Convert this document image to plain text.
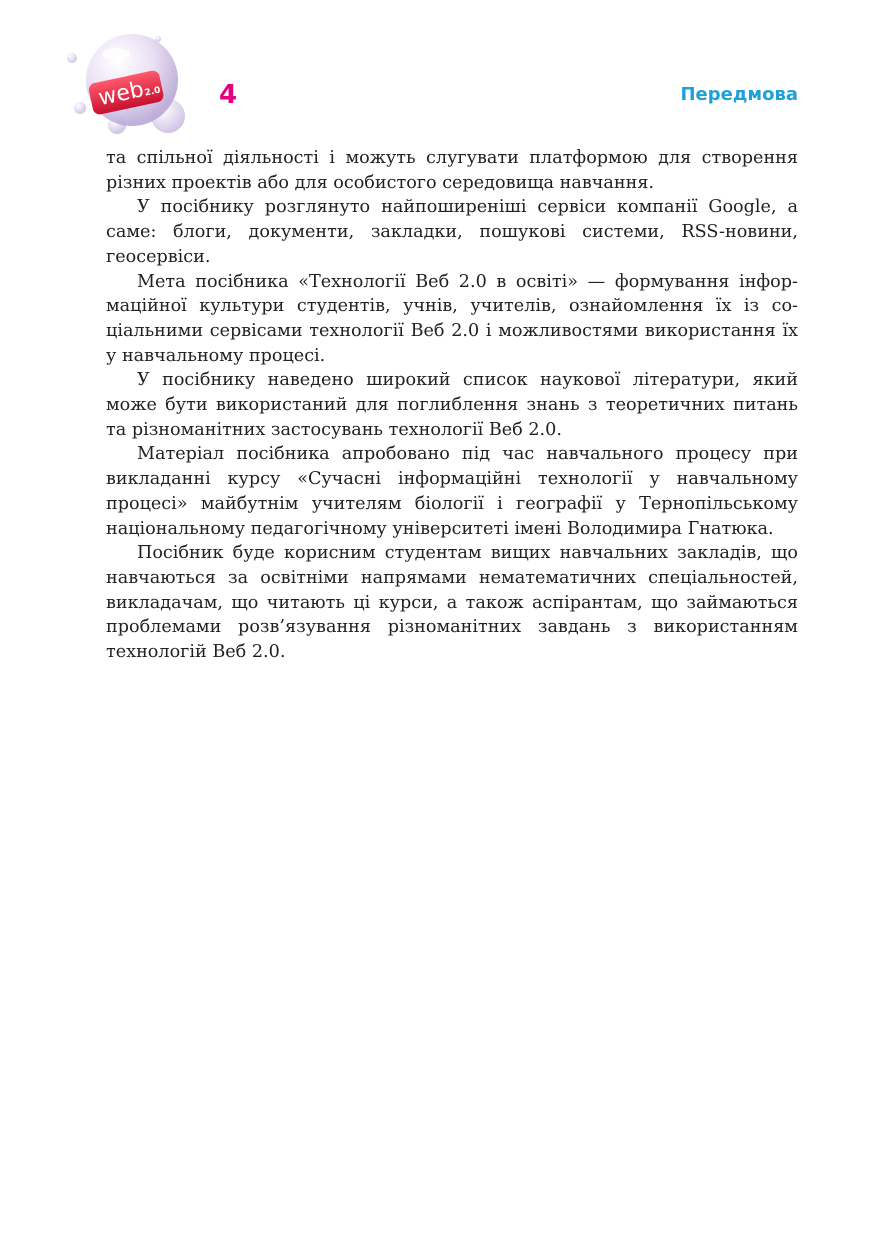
web
2.0 4	Передмова

та спільної діяльності і можуть слугувати платформою для створення різних проектів або для особистого середовища навчання.

У посібнику розглянуто найпоширеніші сервіси компанії Google, а саме: блоги, документи, закладки, пошукові системи, RSS-новини, геосервіси.

Мета посібника «Технології Веб 2.0 в освіті» — формування інформаційної культури студентів, учнів, учителів, ознайомлення їх із соціальними сервісами технології Веб 2.0 і можливостями використання їх у навчальному процесі.

У посібнику наведено широкий список наукової літератури, який може бути використаний для поглиблення знань з теоретичних питань та різноманітних застосувань технології Веб 2.0.

Матеріал посібника апробовано під час навчального процесу при викладанні курсу «Сучасні інформаційні технології у навчальному процесі» майбутнім учителям біології і географії у Тернопільському національному педагогічному університеті імені Володимира Гнатюка.

Посібник буде корисним студентам вищих навчальних закладів, що навчаються за освітніми напрямами нематематичних спеціальностей, викладачам, що читають ці курси, а також аспірантам, що займаються проблемами розв’язування різноманітних завдань з використанням технологій Веб 2.0.
